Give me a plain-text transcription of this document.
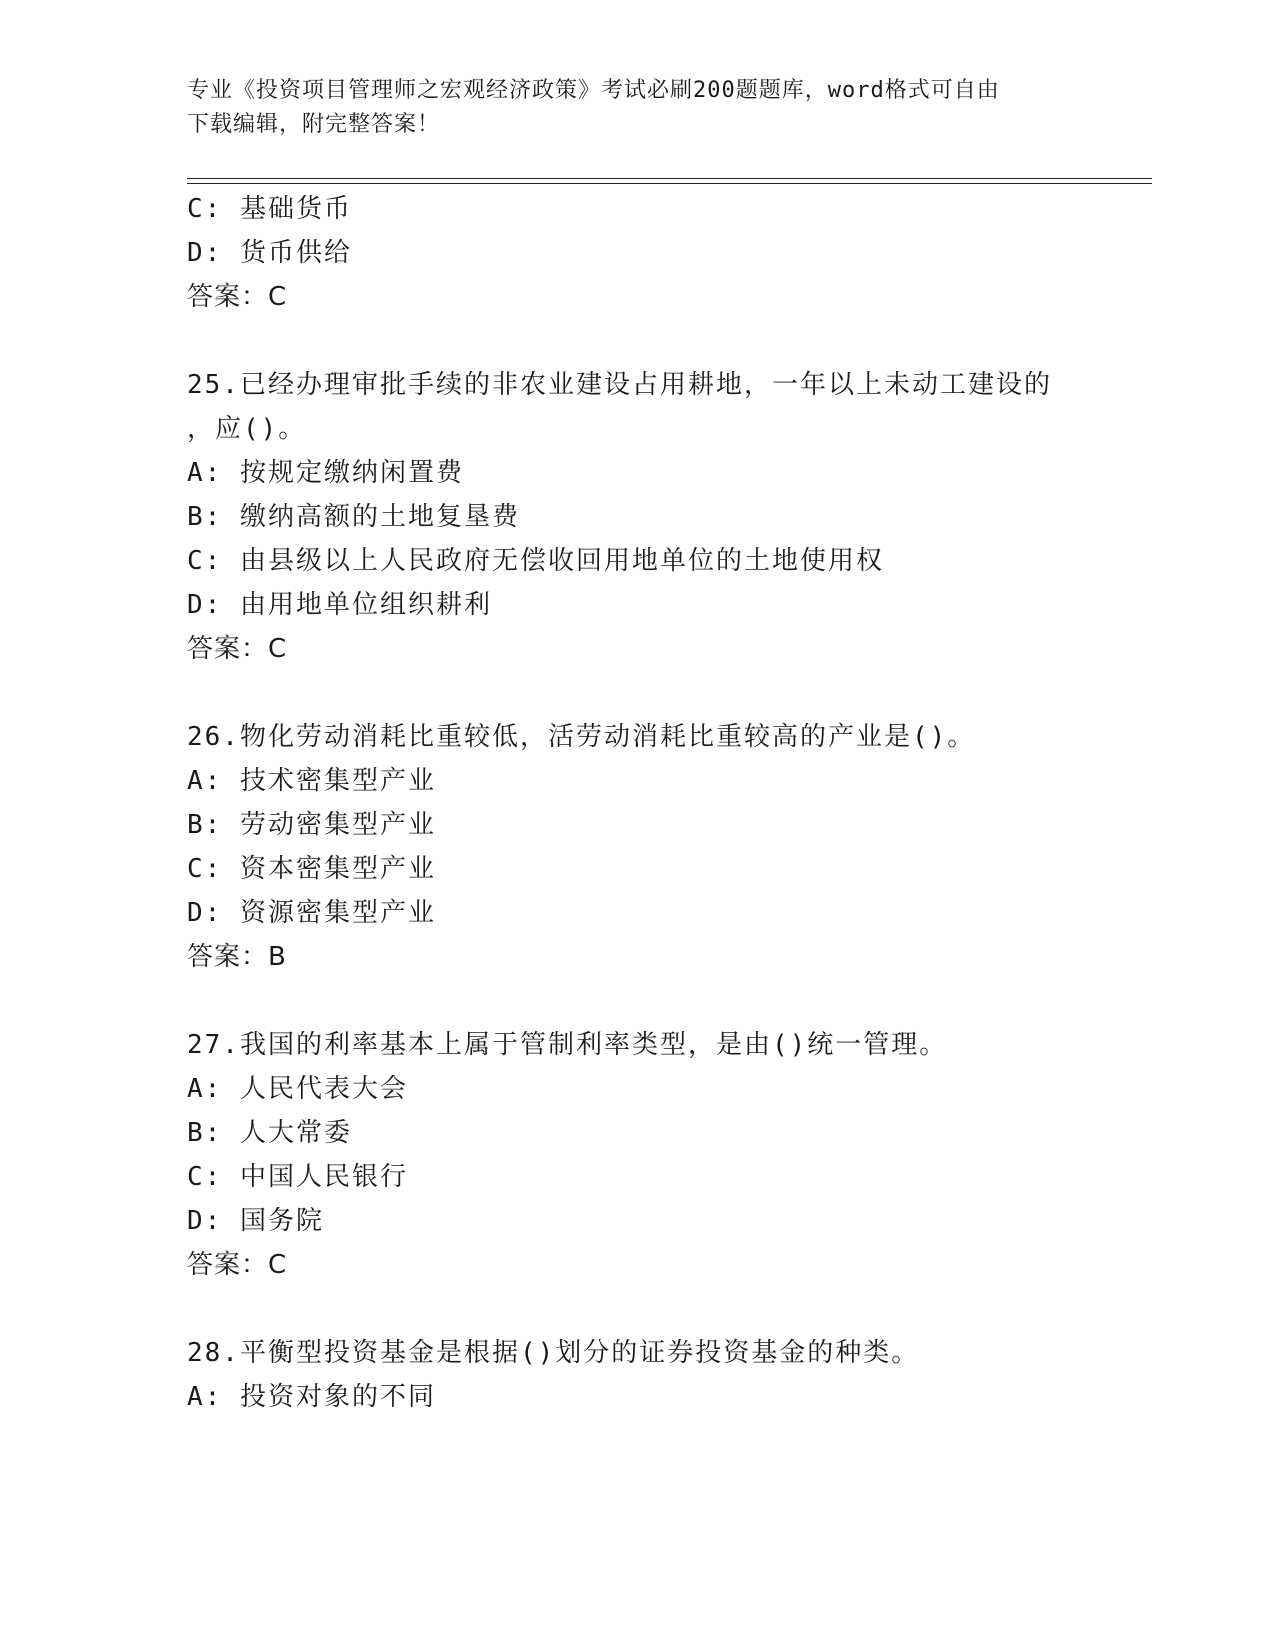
专业《投资项目管理师之宏观经济政策》考试必刷200题题库，word格式可自由
下载编辑，附完整答案！
C: 基础货币
D: 货币供给
答案：C
25.已经办理审批手续的非农业建设占用耕地，一年以上未动工建设的
，应()。
A: 按规定缴纳闲置费
B: 缴纳高额的土地复垦费
C: 由县级以上人民政府无偿收回用地单位的土地使用权
D: 由用地单位组织耕利
答案：C
26.物化劳动消耗比重较低，活劳动消耗比重较高的产业是()。
A: 技术密集型产业
B: 劳动密集型产业
C: 资本密集型产业
D: 资源密集型产业
答案：B
27.我国的利率基本上属于管制利率类型，是由()统一管理。
A: 人民代表大会
B: 人大常委
C: 中国人民银行
D: 国务院
答案：C
28.平衡型投资基金是根据()划分的证券投资基金的种类。
A: 投资对象的不同
